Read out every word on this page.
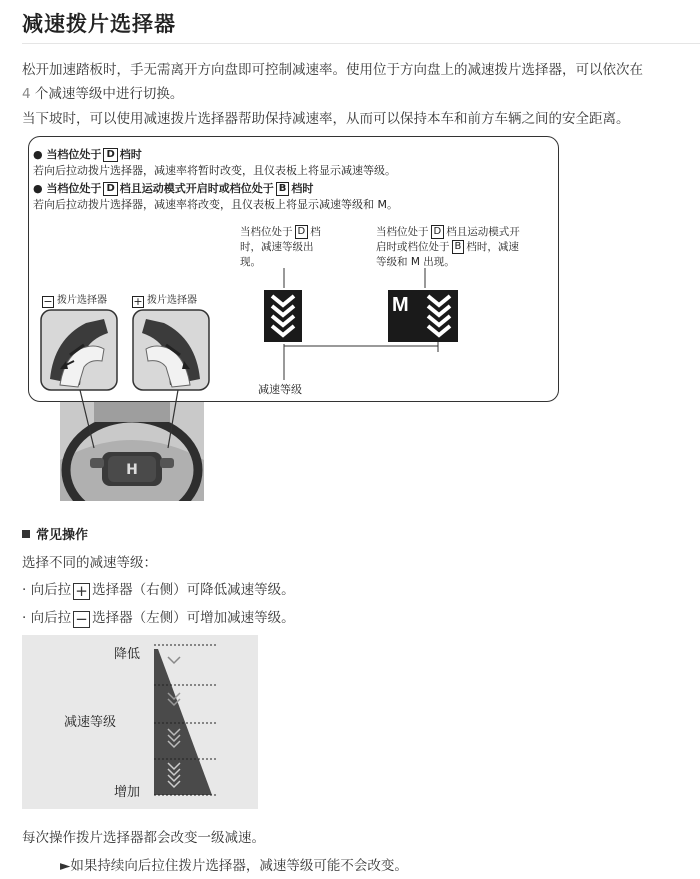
减速拨片选择器
松开加速踏板时，手无需离开方向盘即可控制减速率。使用位于方向盘上的减速拨片选择器，可以依次在
4 个减速等级中进行切换。
当下坡时，可以使用减速拨片选择器帮助保持减速率，从而可以保持本车和前方车辆之间的安全距离。
H
● 当档位处于 D 档时
若向后拉动拨片选择器，减速率将暂时改变，且仪表板上将显示减速等级。
● 当档位处于 D 档且运动模式开启时或档位处于 B 档时
若向后拉动拨片选择器，减速率将改变，且仪表板上将显示减速等级和 M。
当档位处于 D 档
时，减速等级出
现。
当档位处于 D 档且运动模式开
启时或档位处于 B 档时，减速
等级和 M 出现。
− 拨片选择器 + 拨片选择器	M
减速等级
常见操作
选择不同的减速等级：
· 向后拉 + 选择器（右侧）可降低减速等级。
· 向后拉 − 选择器（左侧）可增加减速等级。
降低
减速等级
增加
每次操作拨片选择器都会改变一级减速。
►如果持续向后拉住拨片选择器，减速等级可能不会改变。
